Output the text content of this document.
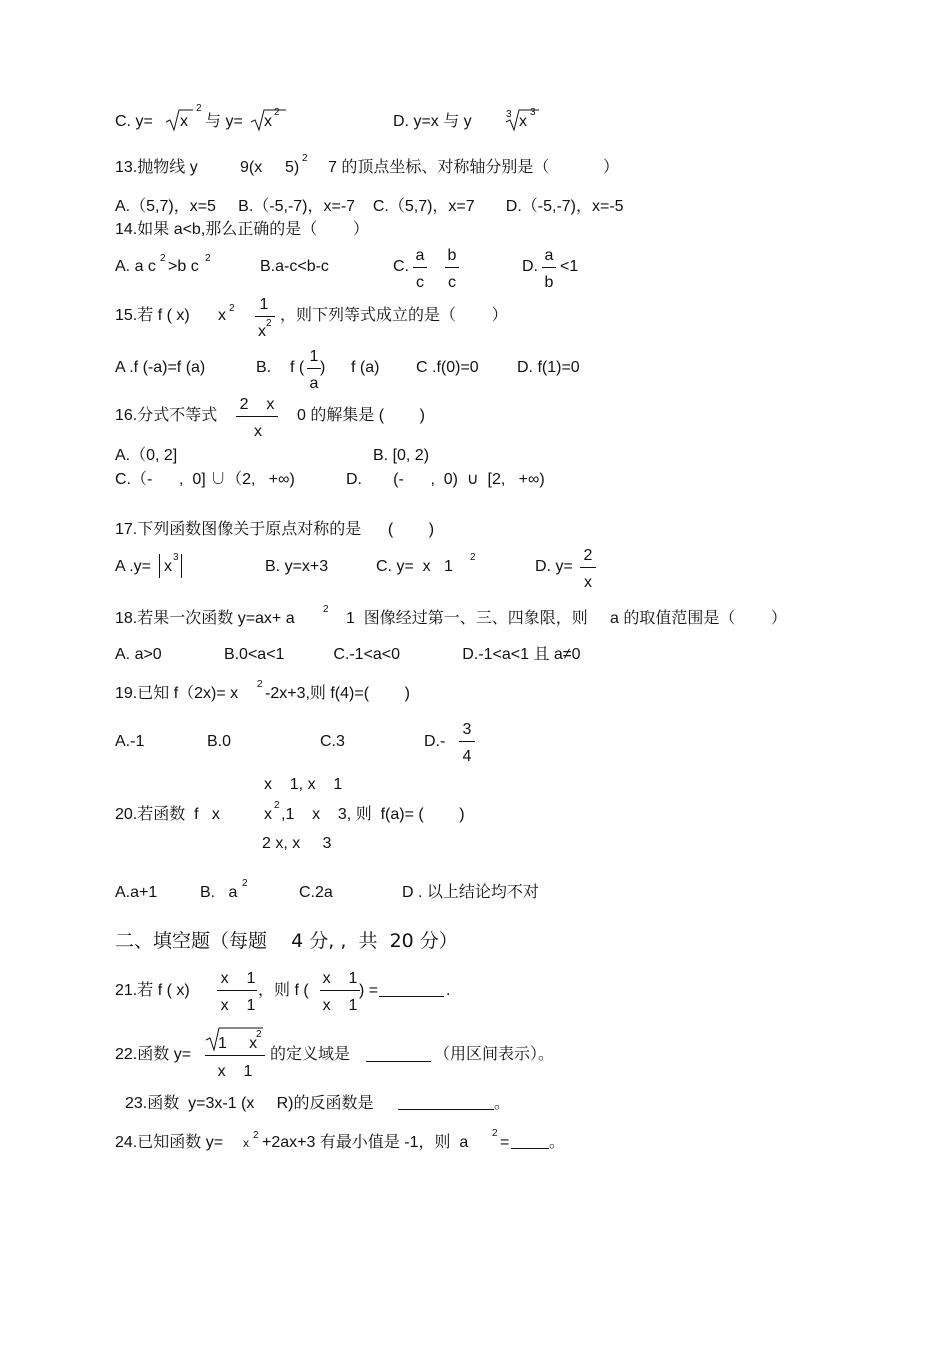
C. y= x
2
与 y= x
2
D. y=x 与 y	3 x
3
13.抛物线 y	9(x 5)
2
7 的顶点坐标、对称轴分别是（	）
A.（5,7)，x=5     B.（-5,-7)，x=-7    C.（5,7)，x=7       D.（-5,-7)，x=-5
14.如果 a<b,那么正确的是（        ）
A. a c 2 >b c 2	B.a-c<b-c	C.
a
c
b
c
D.
a
b
<1
15.若 f ( x) x 2 1
x 2 ，则下列等式成立的是（        ）
A .f (-a)=f (a)	B. f (
1
a
) f (a) C .f(0)=0 D. f(1)=0
16.分式不等式
2    x
x
0 的解集是 (        )
A.（0, 2]	B. [0, 2)
C.（-      ,  0] ∪（2,   +∞)	D.       (-      ,  0)  ∪  [2,   +∞)
17.下列函数图像关于原点对称的是      (        )
A .y= x
3
B. y=x+3	C. y=  x   1
2
D. y=
2
x
18.若果一次函数 y=ax+ a
2
1  图像经过第一、三、四象限，则     a 的取值范围是（        ）
A. a>0              B.0<a<1           C.-1<a<0              D.-1<a<1 且 a≠0
19.已知 f（2x)= x
2
-2x+3,则 f(4)=(        )
A.-1	B.0	C.3	D.-
3
4
x    1, x    1
20.若函数  f   x	x
2
,1    x    3, 则  f(a)= (        )
2 x, x     3
A.a+1	B.   a
2
C.2a	D . 以上结论均不对
二、填空题（每题    4 分, ,  共  20 分）
21.若 f ( x)
x    1
x    1
，则 f (
x    1
x    1
) =	.
22.函数 y=
1     x
2
x    1
的定义域是	（用区间表示）。
23.函数  y=3x-1 (x     R)的反函数是	。
24.已知函数 y= x
2 +2ax+3 有最小值是 -1，则  a
2
= 。
